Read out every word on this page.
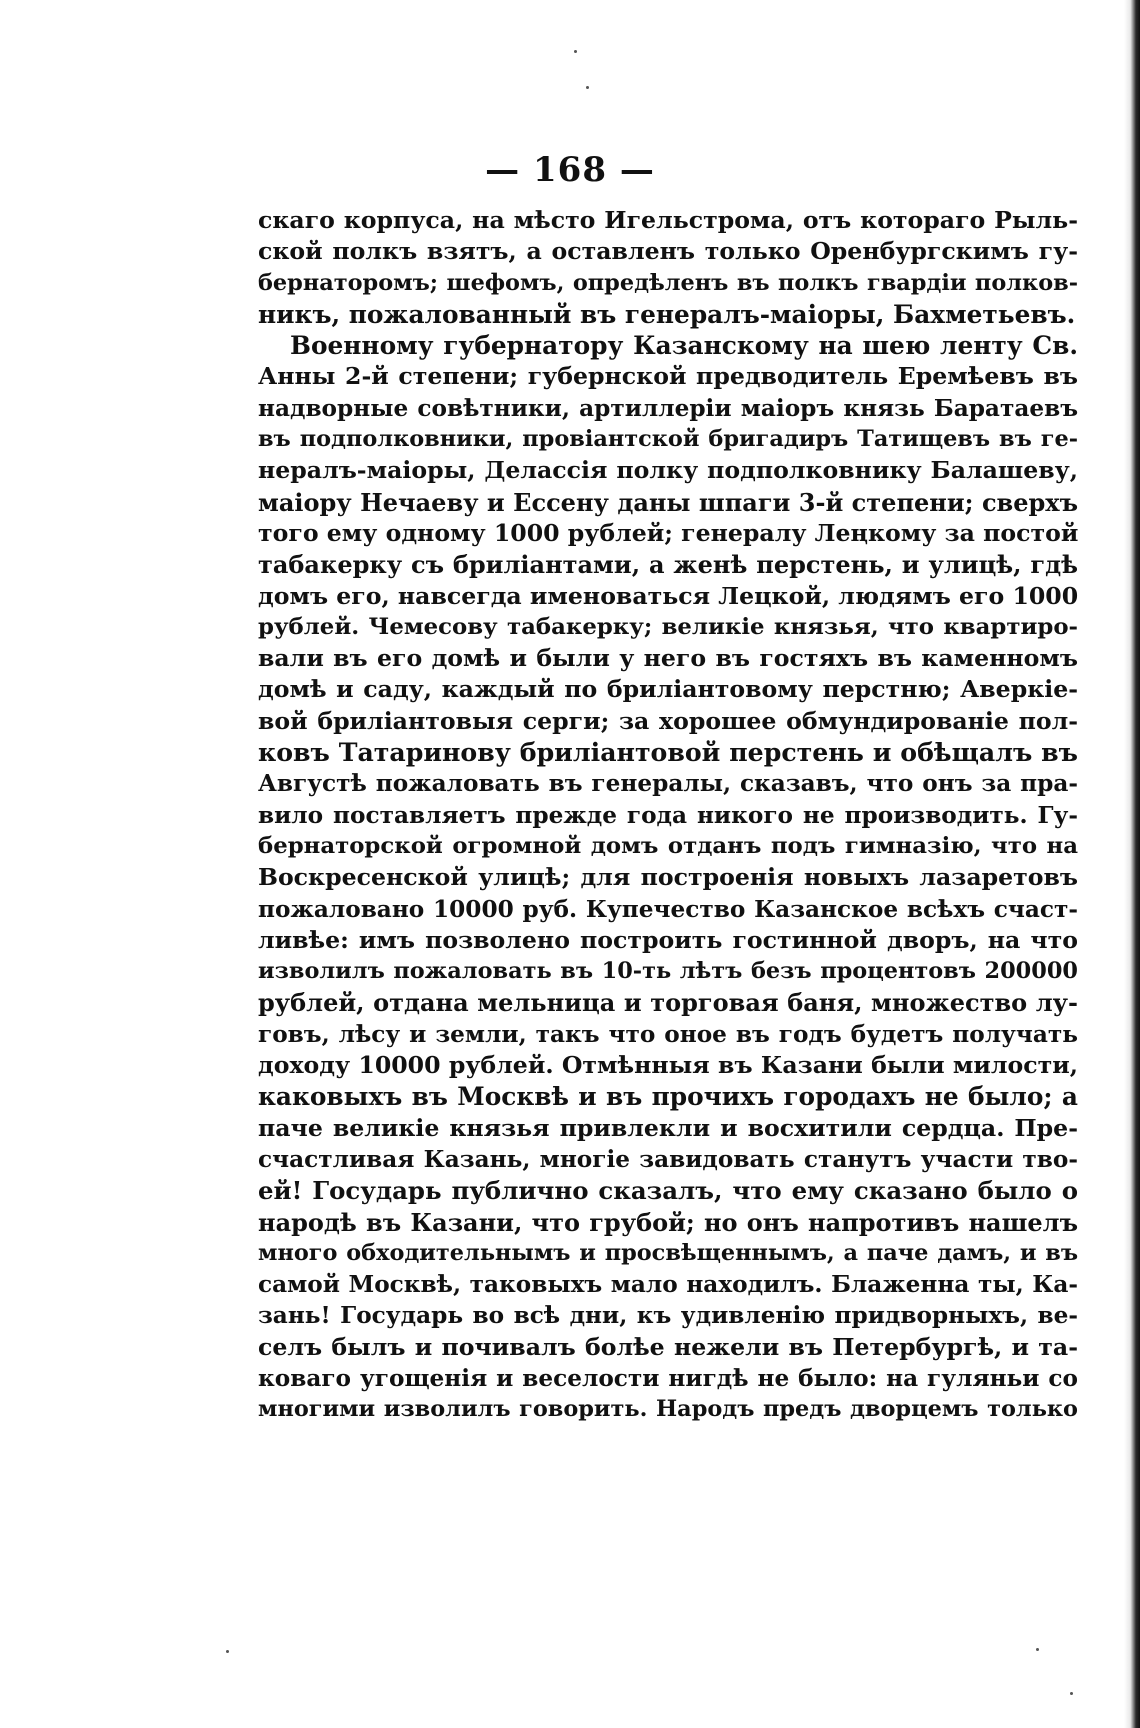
— 168 —
скаго корпуса, на мѣсто Игельстрома, отъ котораго Рыль-
ской полкъ взятъ, а оставленъ только Оренбургскимъ гу-
бернаторомъ; шефомъ, опредѣленъ въ полкъ гвардіи полков-
никъ, пожалованный въ генералъ-маіоры, Бахметьевъ.
Военному губернатору Казанскому на шею ленту Св.
Анны 2-й степени; губернской предводитель Еремѣевъ въ
надворные совѣтники, артиллеріи маіоръ князь Баратаевъ
въ подполковники, провіантской бригадиръ Татищевъ въ ге-
нералъ-маіоры, Делассія полку подполковнику Балашеву,
маіору Нечаеву и Ессену даны шпаги 3-й степени; сверхъ
того ему одному 1000 рублей; генералу Леңкому за постой
табакерку съ бриліантами, а женѣ перстень, и улицѣ, гдѣ
домъ его, навсегда именоваться Лецкой, людямъ его 1000
рублей. Чемесову табакерку; великіе князья, что квартиро-
вали въ его домѣ и были у него въ гостяхъ въ каменномъ
домѣ и саду, каждый по бриліантовому перстню; Аверкіе-
вой бриліантовыя серги; за хорошее обмундированіе пол-
ковъ Татаринову бриліантовой перстень и обѣщалъ въ
Августѣ пожаловать въ генералы, сказавъ, что онъ за пра-
вило поставляетъ прежде года никого не производить. Гу-
бернаторской огромной домъ отданъ подъ гимназію, что на
Воскресенской улицѣ; для построенія новыхъ лазаретовъ
пожаловано 10000 руб. Купечество Казанское всѣхъ счаст-
ливѣе: имъ позволено построить гостинной дворъ, на что
изволилъ пожаловать въ 10-ть лѣтъ безъ процентовъ 200000
рублей, отдана мельница и торговая баня, множество лу-
говъ, лѣсу и земли, такъ что оное въ годъ будетъ получать
доходу 10000 рублей. Отмѣнныя въ Казани были милости,
каковыхъ въ Москвѣ и въ прочихъ городахъ не было; а
паче великіе князья привлекли и восхитили сердца. Пре-
счастливая Казань, многіе завидовать станутъ участи тво-
ей! Государь публично сказалъ, что ему сказано было о
народѣ въ Казани, что грубой; но онъ напротивъ нашелъ
много обходительнымъ и просвѣщеннымъ, а паче дамъ, и въ
самой Москвѣ, таковыхъ мало находилъ. Блаженна ты, Ка-
зань! Государь во всѣ дни, къ удивленію придворныхъ, ве-
селъ былъ и почивалъ болѣе нежели въ Петербургѣ, и та-
коваго угощенія и веселости нигдѣ не было: на гуляньи со
многими изволилъ говорить. Народъ предъ дворцемъ только
